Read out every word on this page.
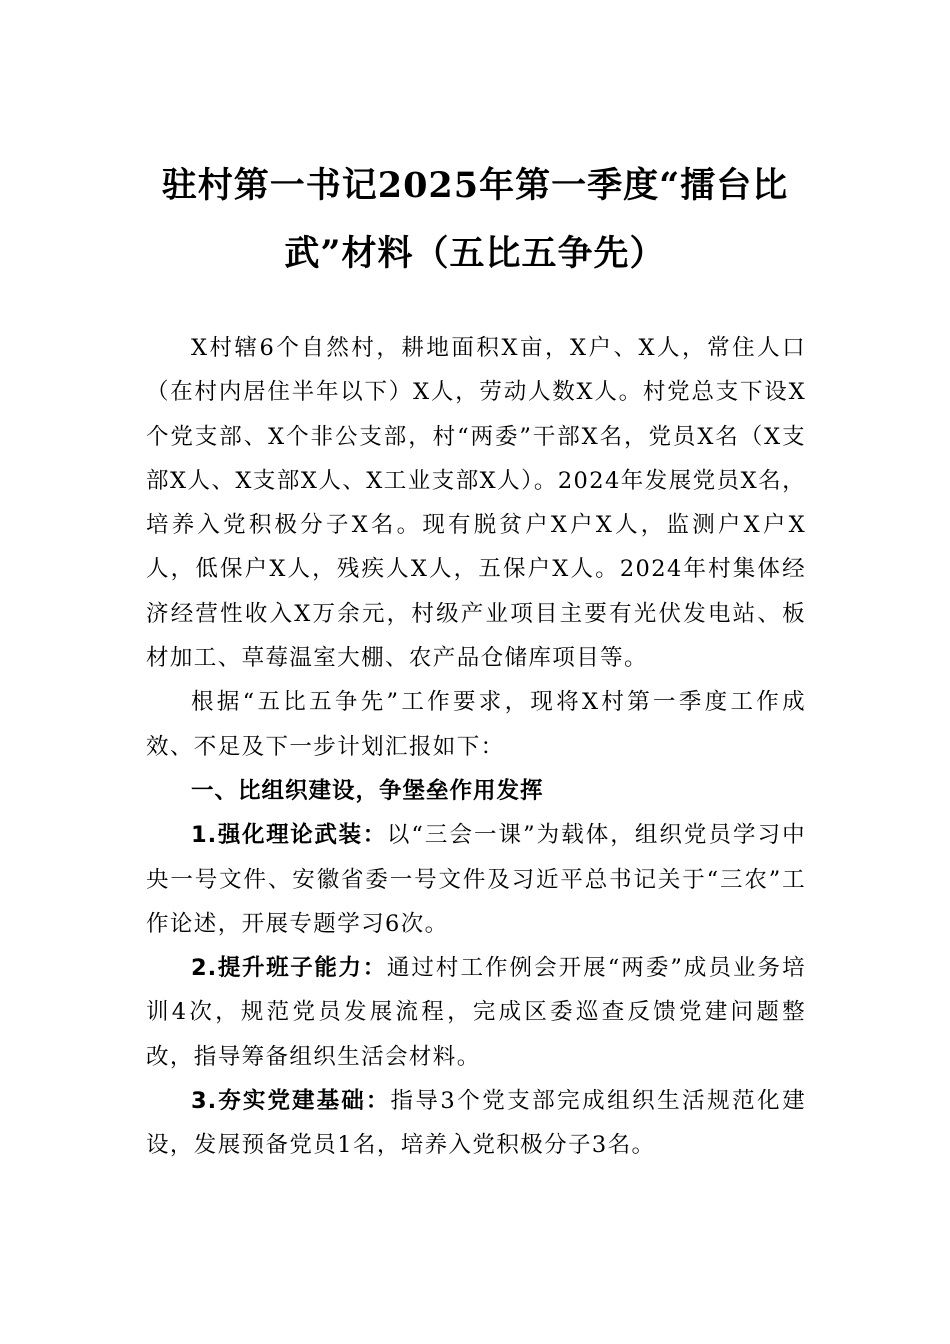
驻村第一书记2025年第一季度“擂台比
武”材料（五比五争先）

X村辖6个自然村，耕地面积X亩，X户、X人，常住人口（在村内居住半年以下）X人，劳动人数X人。村党总支下设X个党支部、X个非公支部，村“两委”干部X名，党员X名（X支部X人、X支部X人、X工业支部X人）。2024年发展党员X名，培养入党积极分子X名。现有脱贫户X户X人，监测户X户X人，低保户X人，残疾人X人，五保户X人。2024年村集体经济经营性收入X万余元，村级产业项目主要有光伏发电站、板材加工、草莓温室大棚、农产品仓储库项目等。

根据“五比五争先”工作要求，现将X村第一季度工作成效、不足及下一步计划汇报如下：

一、比组织建设，争堡垒作用发挥

1.强化理论武装：以“三会一课”为载体，组织党员学习中央一号文件、安徽省委一号文件及习近平总书记关于“三农”工作论述，开展专题学习6次。

2.提升班子能力：通过村工作例会开展“两委”成员业务培训4次，规范党员发展流程，完成区委巡查反馈党建问题整改，指导筹备组织生活会材料。

3.夯实党建基础：指导3个党支部完成组织生活规范化建设，发展预备党员1名，培养入党积极分子3名。
